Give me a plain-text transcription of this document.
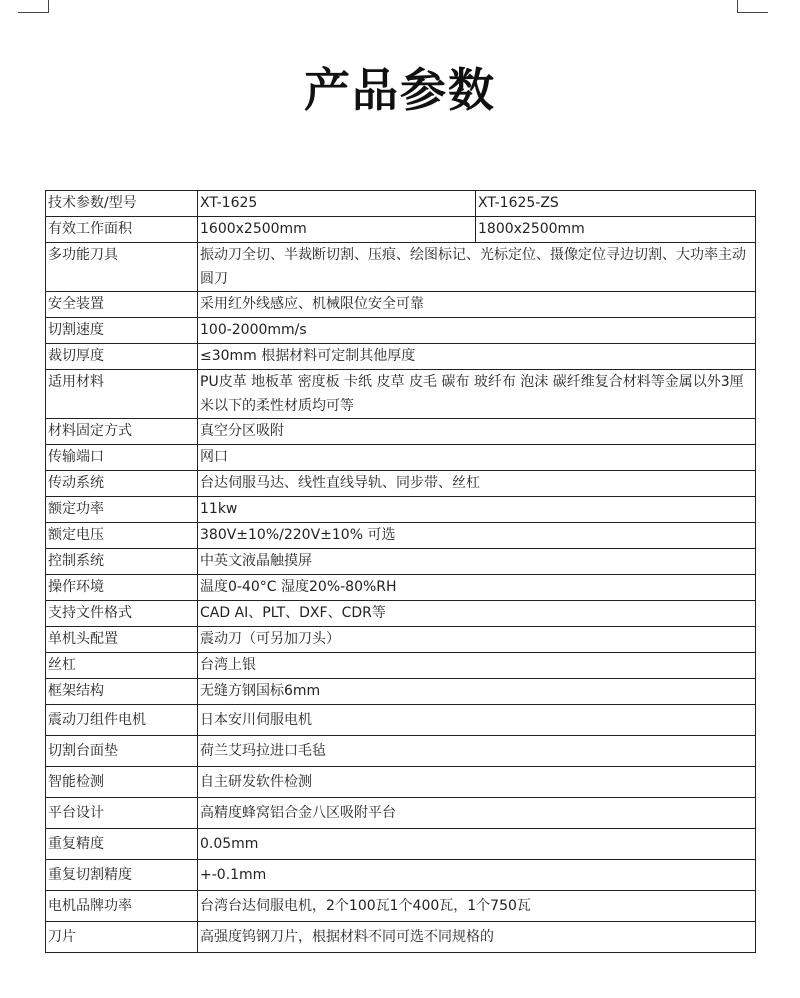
产品参数
技术参数/型号	XT-1625	XT-1625-ZS
有效工作面积	1600x2500mm	1800x2500mm
多功能刀具	振动刀全切、半裁断切割、压痕、绘图标记、光标定位、摄像定位寻边切割、大功率主动圆刀	
安全装置	采用红外线感应、机械限位安全可靠	
切割速度	100-2000mm/s	
裁切厚度	≤30mm 根据材料可定制其他厚度	
适用材料	PU皮革 地板革 密度板 卡纸 皮草 皮毛 碳布 玻纤布 泡沫 碳纤维复合材料等金属以外3厘米以下的柔性材质均可等	
材料固定方式	真空分区吸附	
传输端口	网口	
传动系统	台达伺服马达、线性直线导轨、同步带、丝杠	
额定功率	11kw	
额定电压	380V±10%/220V±10% 可选	
控制系统	中英文液晶触摸屏	
操作环境	温度0-40°C 湿度20%-80%RH	
支持文件格式	CAD AI、PLT、DXF、CDR等	
单机头配置	震动刀（可另加刀头）	
丝杠	台湾上银	
框架结构	无缝方钢国标6mm	
震动刀组件电机	日本安川伺服电机	
切割台面垫	荷兰艾玛拉进口毛毡	
智能检测	自主研发软件检测	
平台设计	高精度蜂窝铝合金八区吸附平台	
重复精度	0.05mm	
重复切割精度	+-0.1mm	
电机品牌功率	台湾台达伺服电机，2个100瓦1个400瓦，1个750瓦	
刀片	高强度钨钢刀片，根据材料不同可选不同规格的	
